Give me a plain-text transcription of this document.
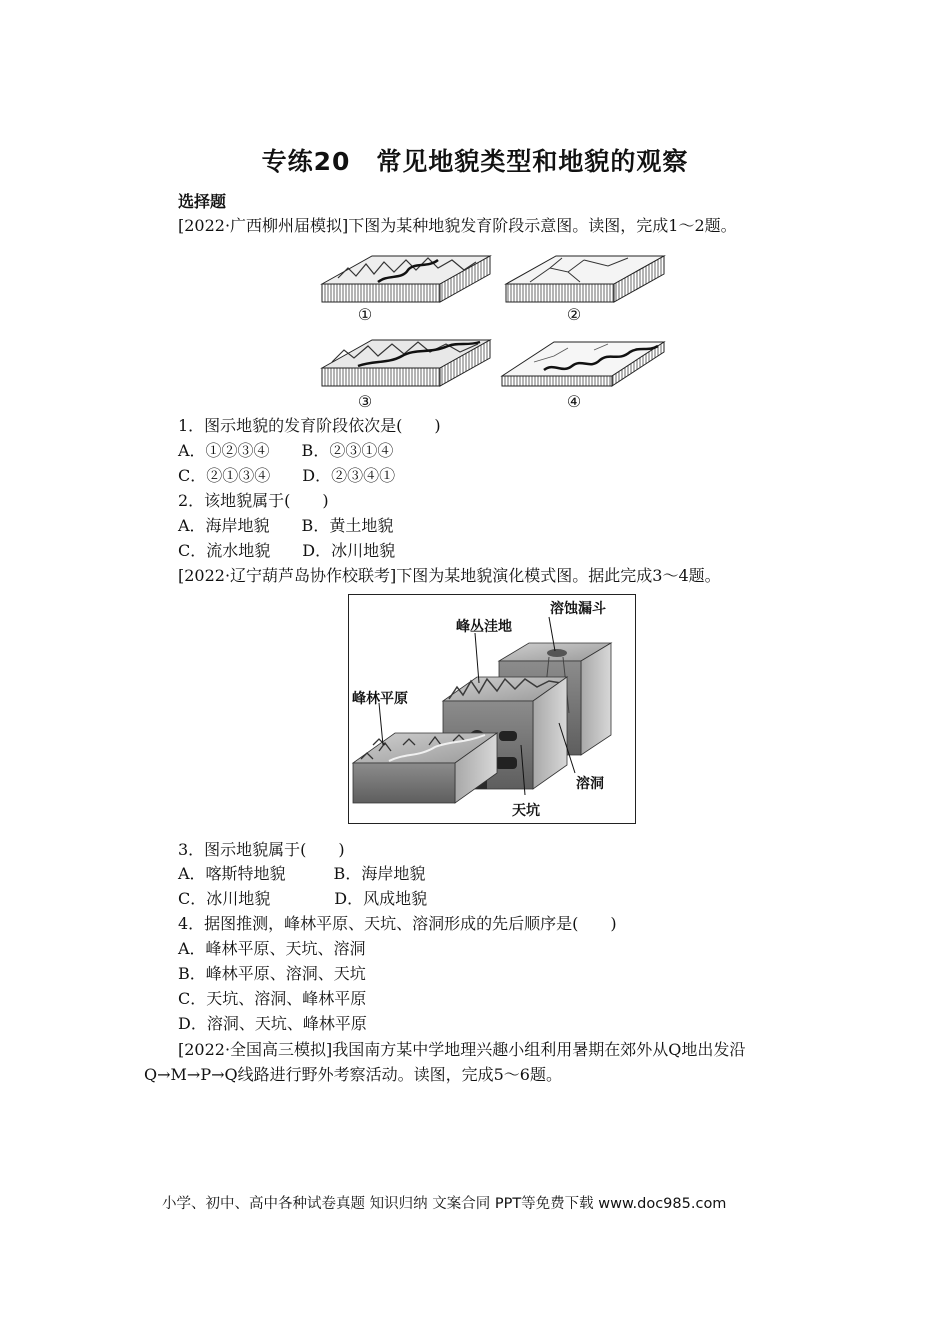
专练20　常见地貌类型和地貌的观察
选择题
[2022·广西柳州届模拟]下图为某种地貌发育阶段示意图。读图，完成1～2题。
①	②
③	④
1．图示地貌的发育阶段依次是(　　)
A．①②③④　　B．②③①④
C．②①③④　　D．②③④①
2．该地貌属于(　　)
A．海岸地貌　　B．黄土地貌
C．流水地貌　　D．冰川地貌
[2022·辽宁葫芦岛协作校联考]下图为某地貌演化模式图。据此完成3～4题。
溶蚀漏斗
峰丛洼地
峰林平原
溶洞
天坑
3．图示地貌属于(　　)
A．喀斯特地貌　　　B．海岸地貌
C．冰川地貌　　　　D．风成地貌
4．据图推测，峰林平原、天坑、溶洞形成的先后顺序是(　　)
A．峰林平原、天坑、溶洞
B．峰林平原、溶洞、天坑
C．天坑、溶洞、峰林平原
D．溶洞、天坑、峰林平原
[2022·全国高三模拟]我国南方某中学地理兴趣小组利用暑期在郊外从Q地出发沿
Q→M→P→Q线路进行野外考察活动。读图，完成5～6题。
小学、初中、高中各种试卷真题 知识归纳 文案合同 PPT等免费下载 www.doc985.com
